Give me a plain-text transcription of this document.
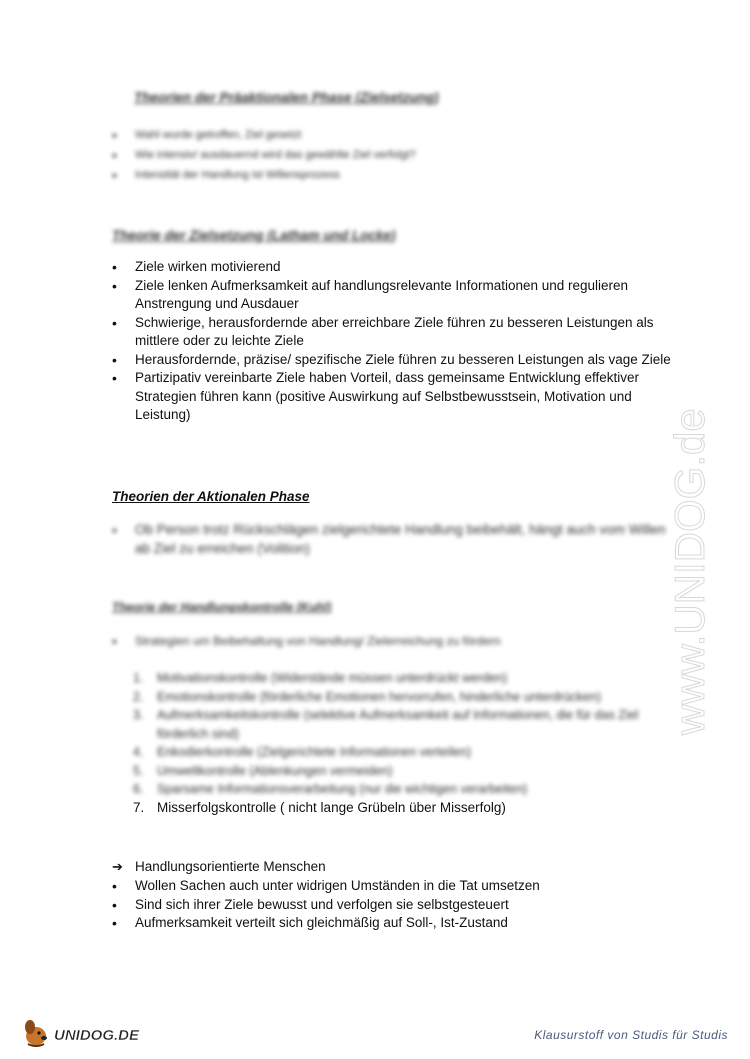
Theorien der Präaktionalen Phase (Zielsetzung)
• Wahl wurde getroffen, Ziel gesetzt
• Wie intensiv/ ausdauernd wird das gewählte Ziel verfolgt?
• Intensität der Handlung ist Willensprozess
Theorie der Zielsetzung (Latham und Locke)
• Ziele wirken motivierend
• Ziele lenken Aufmerksamkeit auf handlungsrelevante Informationen und regulieren Anstrengung und Ausdauer
• Schwierige, herausfordernde aber erreichbare Ziele führen zu besseren Leistungen als mittlere oder zu leichte Ziele
• Herausfordernde, präzise/ spezifische Ziele führen zu besseren Leistungen als vage Ziele
• Partizipativ vereinbarte Ziele haben Vorteil, dass gemeinsame Entwicklung effektiver Strategien führen kann (positive Auswirkung auf Selbstbewusstsein, Motivation und Leistung)
Theorien der Aktionalen Phase
• Ob Person trotz Rückschlägen zielgerichtete Handlung beibehält, hängt auch vom Willen ab Ziel zu erreichen (Volition)
Theorie der Handlungskontrolle (Kuhl)
• Strategien um Beibehaltung von Handlung/ Zielerreichung zu fördern
1. Motivationskontrolle (Widerstände müssen unterdrückt werden)
2. Emotionskontrolle (förderliche Emotionen hervorrufen, hinderliche unterdrücken)
3. Aufmerksamkeitskontrolle (selektive Aufmerksamkeit auf Informationen, die für das Ziel förderlich sind)
4. Enkodierkontrolle (Zielgerichtete Informationen verteilen)
5. Umweltkontrolle (Ablenkungen vermeiden)
6. Sparsame Informationsverarbeitung (nur die wichtigen verarbeiten)
7. Misserfolgskontrolle ( nicht lange Grübeln über Misserfolg)
➔ Handlungsorientierte Menschen
• Wollen Sachen auch unter widrigen Umständen in die Tat umsetzen
• Sind sich ihrer Ziele bewusst und verfolgen sie selbstgesteuert
• Aufmerksamkeit verteilt sich gleichmäßig auf Soll-, Ist-Zustand
www.UNIDOG.de
UNIDOG.DE	Klausurstoff von Studis für Studis
